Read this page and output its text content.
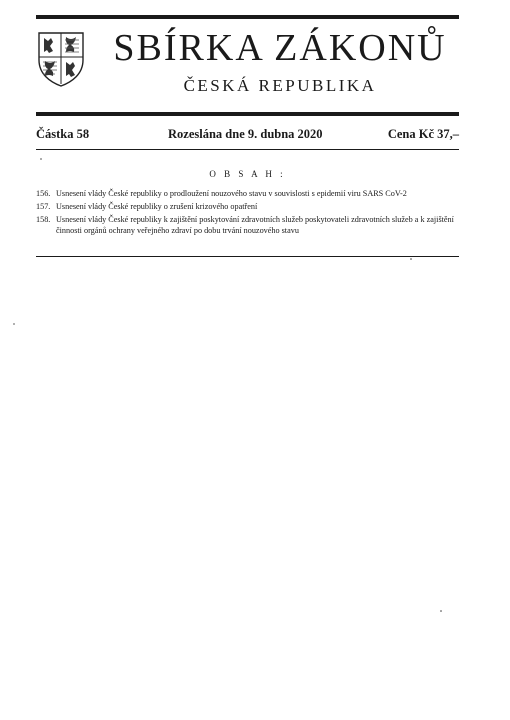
SBÍRKA ZÁKONŮ
ČESKÁ REPUBLIKA
Částka 58	Rozeslána dne 9. dubna 2020	Cena Kč 37,–
O B S A H :
156. Usnesení vlády České republiky o prodloužení nouzového stavu v souvislosti s epidemií viru SARS CoV-2
157. Usnesení vlády České republiky o zrušení krizového opatření
158. Usnesení vlády České republiky k zajištění poskytování zdravotních služeb poskytovateli zdravotních služeb a k zajištění činnosti orgánů ochrany veřejného zdraví po dobu trvání nouzového stavu
